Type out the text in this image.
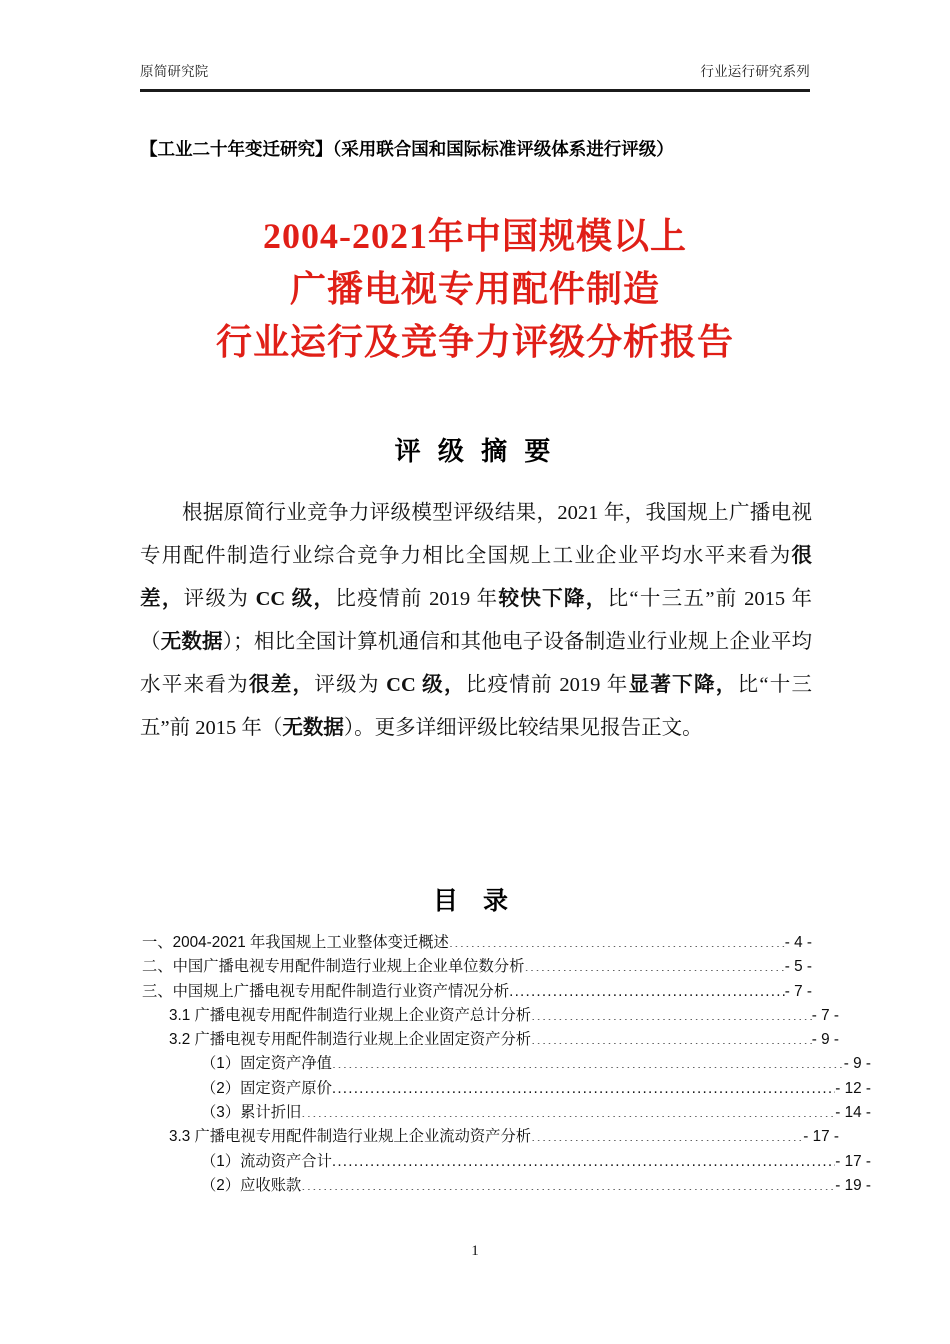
原简研究院	行业运行研究系列
【工业二十年变迁研究】（采用联合国和国际标准评级体系进行评级）
2004-2021年中国规模以上
广播电视专用配件制造
行业运行及竞争力评级分析报告
评 级 摘 要
根据原简行业竞争力评级模型评级结果，2021 年，我国规上广播电视专用配件制造行业综合竞争力相比全国规上工业企业平均水平来看为很差，评级为 CC 级，比疫情前 2019 年较快下降，比“十三五”前 2015 年（无数据）；相比全国计算机通信和其他电子设备制造业行业规上企业平均水平来看为很差，评级为 CC 级，比疫情前 2019 年显著下降，比“十三五”前 2015 年（无数据）。更多详细评级比较结果见报告正文。
目 录
一、2004-2021 年我国规上工业整体变迁概述 .....	- 4 -
二、中国广播电视专用配件制造行业规上企业单位数分析 .....	- 5 -
三、中国规上广播电视专用配件制造行业资产情况分析 .....	- 7 -
3.1 广播电视专用配件制造行业规上企业资产总计分析 .....	- 7 -
3.2 广播电视专用配件制造行业规上企业固定资产分析 .....	- 9 -
（1）固定资产净值 .....	- 9 -
（2）固定资产原价 .....	- 12 -
（3）累计折旧 .....	- 14 -
3.3 广播电视专用配件制造行业规上企业流动资产分析 .....	- 17 -
（1）流动资产合计 .....	- 17 -
（2）应收账款 .....	- 19 -
1
